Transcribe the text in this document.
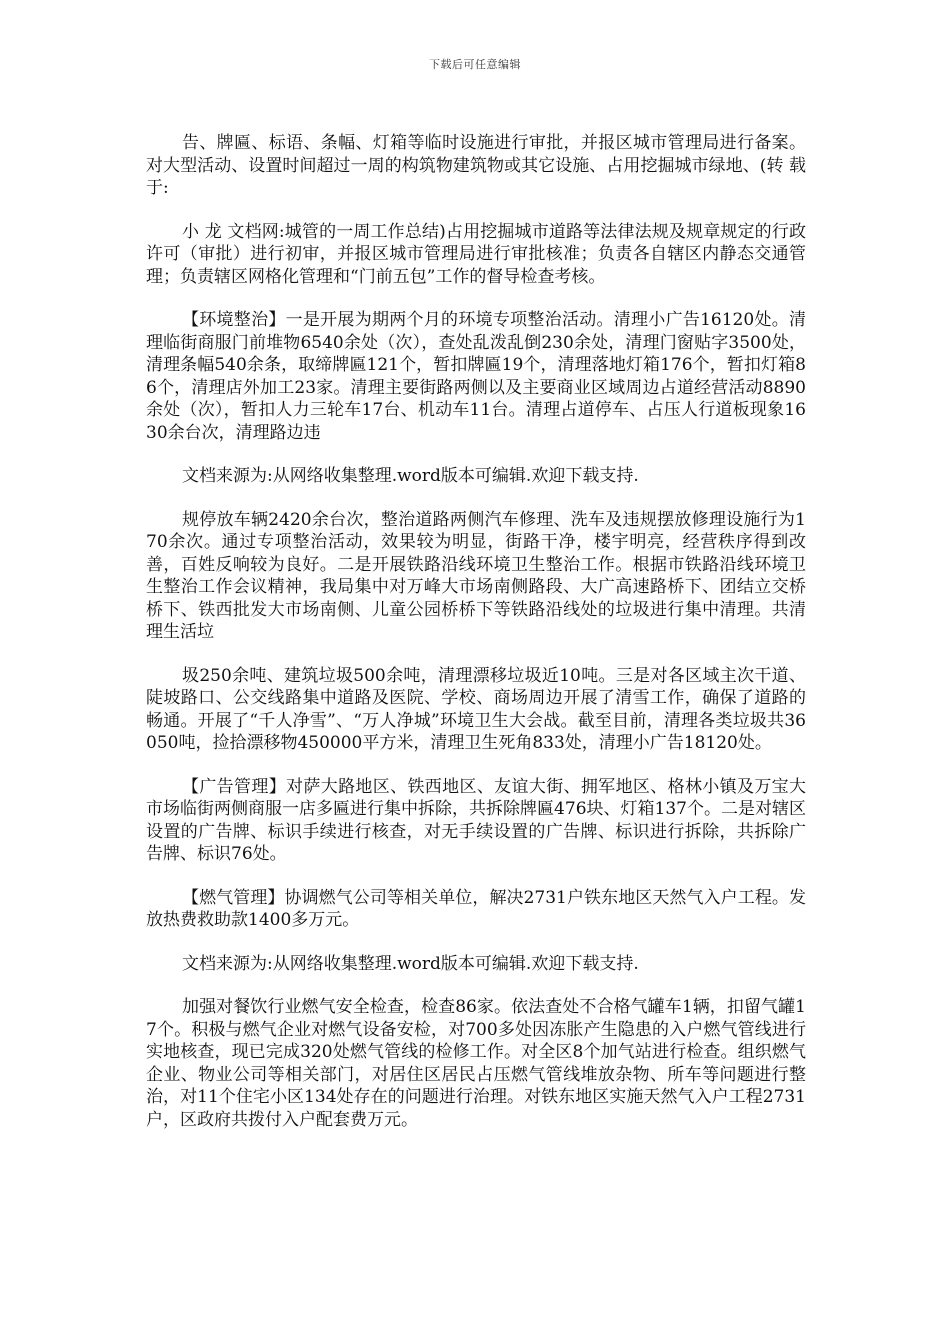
下载后可任意编辑

告、牌匾、标语、条幅、灯箱等临时设施进行审批，并报区城市管理局进行备案。对大型活动、设置时间超过一周的构筑物建筑物或其它设施、占用挖掘城市绿地、(转 载于:

小 龙 文档网:城管的一周工作总结)占用挖掘城市道路等法律法规及规章规定的行政许可（审批）进行初审，并报区城市管理局进行审批核准；负责各自辖区内静态交通管理；负责辖区网格化管理和“门前五包”工作的督导检查考核。

【环境整治】一是开展为期两个月的环境专项整治活动。清理小广告16120处。清理临街商服门前堆物6540余处（次），查处乱泼乱倒230余处，清理门窗贴字3500处，清理条幅540余条，取缔牌匾121个，暂扣牌匾19个，清理落地灯箱176个，暂扣灯箱86个，清理店外加工23家。清理主要街路两侧以及主要商业区域周边占道经营活动8890余处（次），暂扣人力三轮车17台、机动车11台。清理占道停车、占压人行道板现象1630余台次，清理路边违

文档来源为:从网络收集整理.word版本可编辑.欢迎下载支持.

规停放车辆2420余台次，整治道路两侧汽车修理、洗车及违规摆放修理设施行为170余次。通过专项整治活动，效果较为明显，街路干净，楼宇明亮，经营秩序得到改善，百姓反响较为良好。二是开展铁路沿线环境卫生整治工作。根据市铁路沿线环境卫生整治工作会议精神，我局集中对万峰大市场南侧路段、大广高速路桥下、团结立交桥桥下、铁西批发大市场南侧、儿童公园桥桥下等铁路沿线处的垃圾进行集中清理。共清理生活垃

圾250余吨、建筑垃圾500余吨，清理漂移垃圾近10吨。三是对各区域主次干道、陡坡路口、公交线路集中道路及医院、学校、商场周边开展了清雪工作，确保了道路的畅通。开展了“千人净雪”、“万人净城”环境卫生大会战。截至目前，清理各类垃圾共36050吨，捡拾漂移物450000平方米，清理卫生死角833处，清理小广告18120处。

【广告管理】对萨大路地区、铁西地区、友谊大街、拥军地区、格林小镇及万宝大市场临街两侧商服一店多匾进行集中拆除，共拆除牌匾476块、灯箱137个。二是对辖区设置的广告牌、标识手续进行核查，对无手续设置的广告牌、标识进行拆除，共拆除广告牌、标识76处。

【燃气管理】协调燃气公司等相关单位，解决2731户铁东地区天然气入户工程。发放热费救助款1400多万元。

文档来源为:从网络收集整理.word版本可编辑.欢迎下载支持.

加强对餐饮行业燃气安全检查，检查86家。依法查处不合格气罐车1辆，扣留气罐17个。积极与燃气企业对燃气设备安检，对700多处因冻胀产生隐患的入户燃气管线进行实地核查，现已完成320处燃气管线的检修工作。对全区8个加气站进行检查。组织燃气企业、物业公司等相关部门，对居住区居民占压燃气管线堆放杂物、所车等问题进行整治，对11个住宅小区134处存在的问题进行治理。对铁东地区实施天然气入户工程2731户，区政府共拨付入户配套费万元。
